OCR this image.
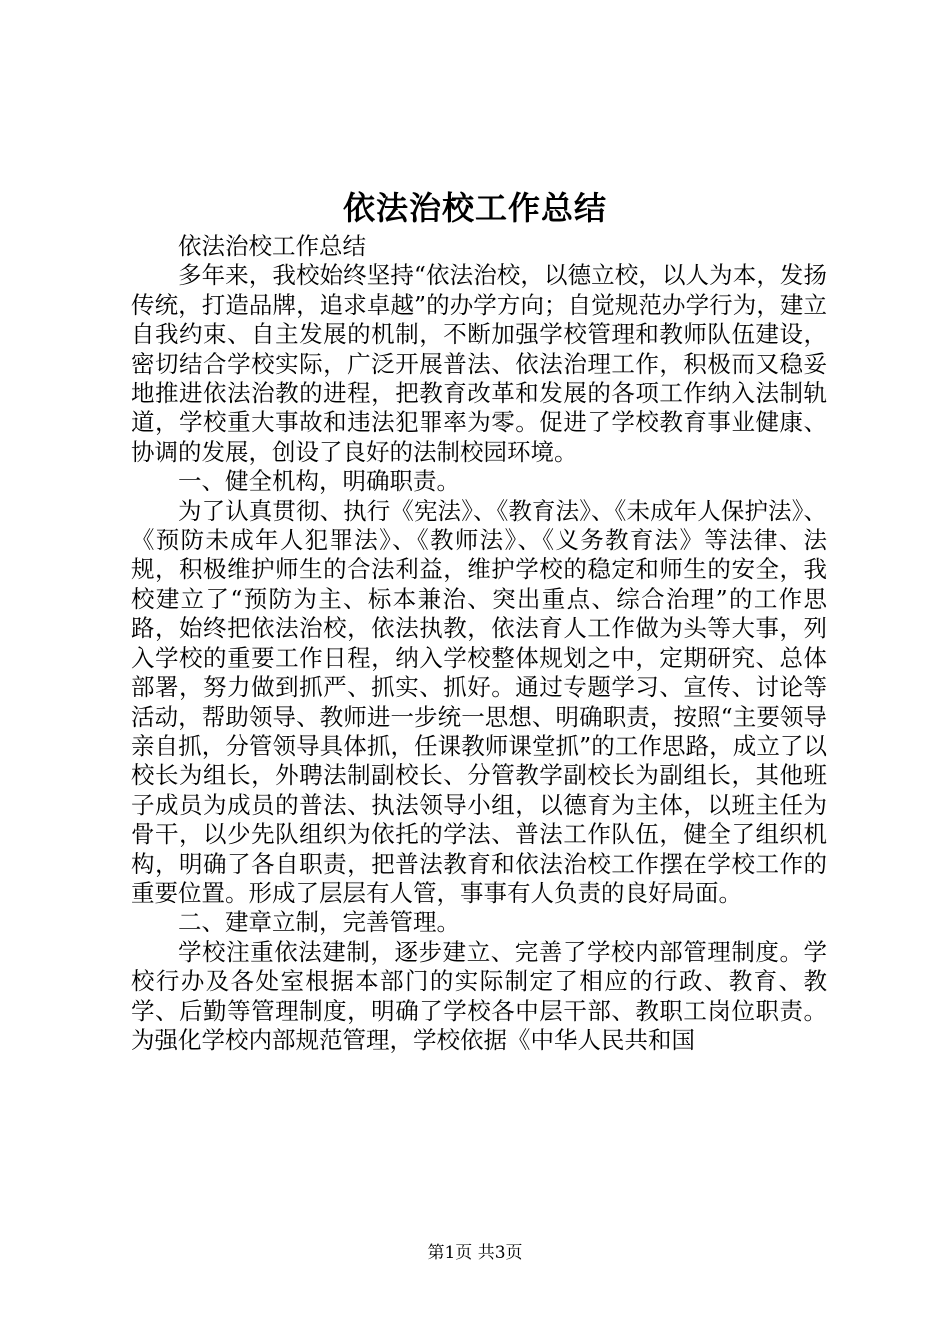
依法治校工作总结

依法治校工作总结

多年来，我校始终坚持“依法治校，以德立校，以人为本，发扬传统，打造品牌，追求卓越”的办学方向；自觉规范办学行为，建立自我约束、自主发展的机制，不断加强学校管理和教师队伍建设，密切结合学校实际，广泛开展普法、依法治理工作，积极而又稳妥地推进依法治教的进程，把教育改革和发展的各项工作纳入法制轨道，学校重大事故和违法犯罪率为零。促进了学校教育事业健康、协调的发展，创设了良好的法制校园环境。

一、健全机构，明确职责。

为了认真贯彻、执行《宪法》、《教育法》、《未成年人保护法》、《预防未成年人犯罪法》、《教师法》、《义务教育法》等法律、法规，积极维护师生的合法利益，维护学校的稳定和师生的安全，我校建立了“预防为主、标本兼治、突出重点、综合治理”的工作思路，始终把依法治校，依法执教，依法育人工作做为头等大事，列入学校的重要工作日程，纳入学校整体规划之中，定期研究、总体部署，努力做到抓严、抓实、抓好。通过专题学习、宣传、讨论等活动，帮助领导、教师进一步统一思想、明确职责，按照“主要领导亲自抓，分管领导具体抓，任课教师课堂抓”的工作思路，成立了以校长为组长，外聘法制副校长、分管教学副校长为副组长，其他班子成员为成员的普法、执法领导小组，以德育为主体，以班主任为骨干，以少先队组织为依托的学法、普法工作队伍，健全了组织机构，明确了各自职责，把普法教育和依法治校工作摆在学校工作的重要位置。形成了层层有人管，事事有人负责的良好局面。

二、建章立制，完善管理。

学校注重依法建制，逐步建立、完善了学校内部管理制度。学校行办及各处室根据本部门的实际制定了相应的行政、教育、教学、后勤等管理制度，明确了学校各中层干部、教职工岗位职责。为强化学校内部规范管理，学校依据《中华人民共和国

第1页 共3页
